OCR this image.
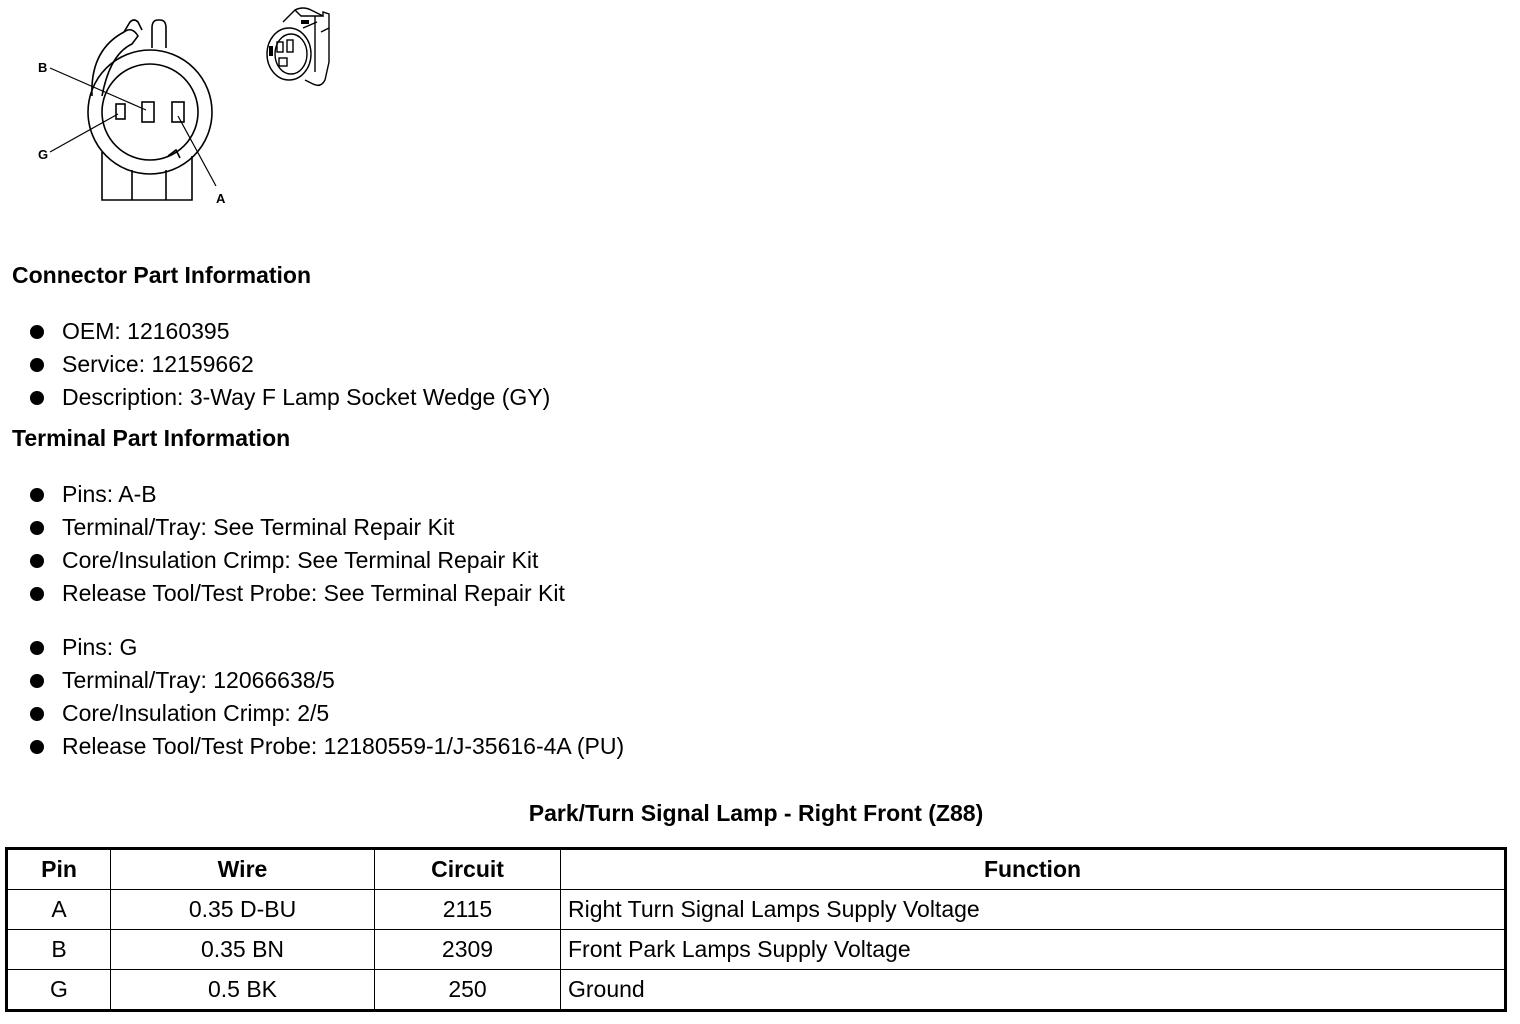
B
G
A
Connector Part Information
OEM: 12160395
Service: 12159662
Description: 3-Way F Lamp Socket Wedge (GY)
Terminal Part Information
Pins: A-B
Terminal/Tray: See Terminal Repair Kit
Core/Insulation Crimp: See Terminal Repair Kit
Release Tool/Test Probe: See Terminal Repair Kit
Pins: G
Terminal/Tray: 12066638/5
Core/Insulation Crimp: 2/5
Release Tool/Test Probe: 12180559-1/J-35616-4A (PU)
Park/Turn Signal Lamp - Right Front (Z88)
Pin	Wire	Circuit	Function
A	0.35 D-BU	2115	Right Turn Signal Lamps Supply Voltage
B	0.35 BN	2309	Front Park Lamps Supply Voltage
G	0.5 BK	250	Ground
